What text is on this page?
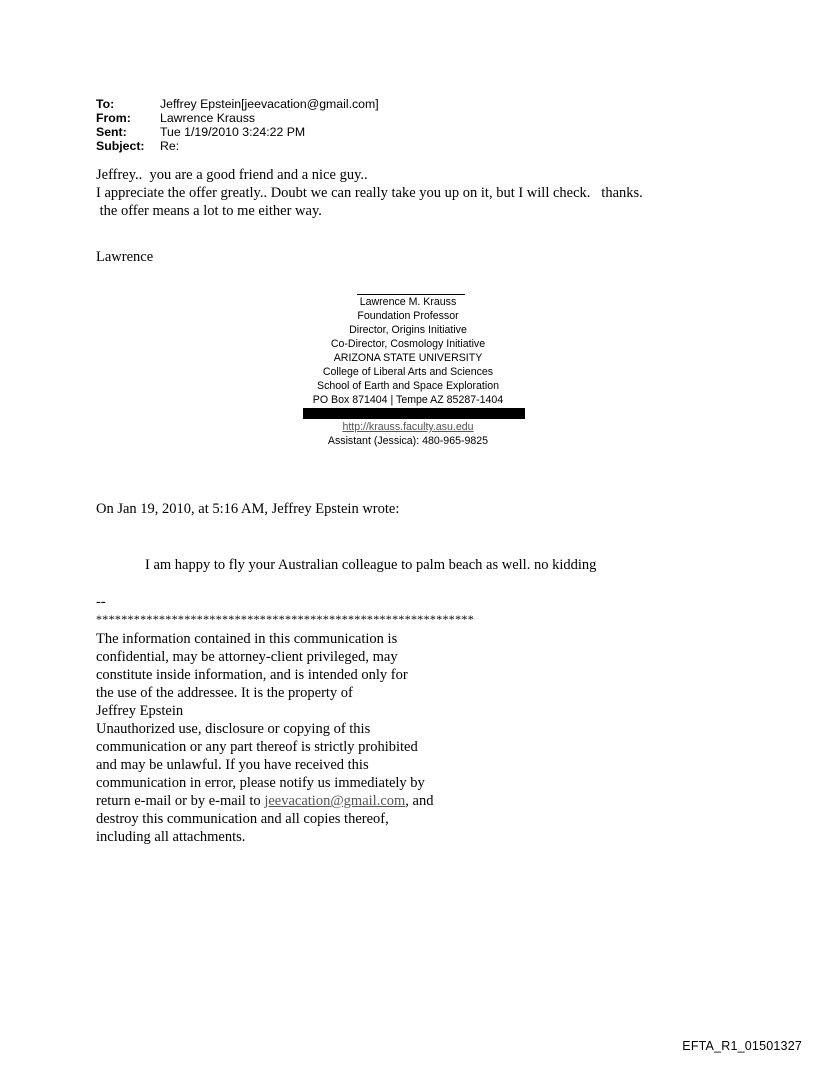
To:	Jeffrey Epstein[jeevacation@gmail.com]
From: Lawrence Krauss
Sent:	Tue 1/19/2010 3:24:22 PM
Subject: Re:
Jeffrey..  you are a good friend and a nice guy..
I appreciate the offer greatly.. Doubt we can really take you up on it, but I will check.   thanks.
the offer means a lot to me either way.
Lawrence
Lawrence M. Krauss
Foundation Professor
Director, Origins Initiative
Co-Director, Cosmology Initiative
ARIZONA STATE UNIVERSITY
College of Liberal Arts and Sciences
School of Earth and Space Exploration
PO Box 871404 | Tempe AZ 85287-1404
http://krauss.faculty.asu.edu
Assistant (Jessica): 480-965-9825
On Jan 19, 2010, at 5:16 AM, Jeffrey Epstein wrote:
I am happy to fly your Australian colleague to palm beach as well. no kidding
--
************************************************************
The information contained in this communication is
confidential, may be attorney-client privileged, may
constitute inside information, and is intended only for
the use of the addressee. It is the property of
Jeffrey Epstein
Unauthorized use, disclosure or copying of this
communication or any part thereof is strictly prohibited
and may be unlawful. If you have received this
communication in error, please notify us immediately by
return e-mail or by e-mail to jeevacation@gmail.com, and
destroy this communication and all copies thereof,
including all attachments.
EFTA_R1_01501327
